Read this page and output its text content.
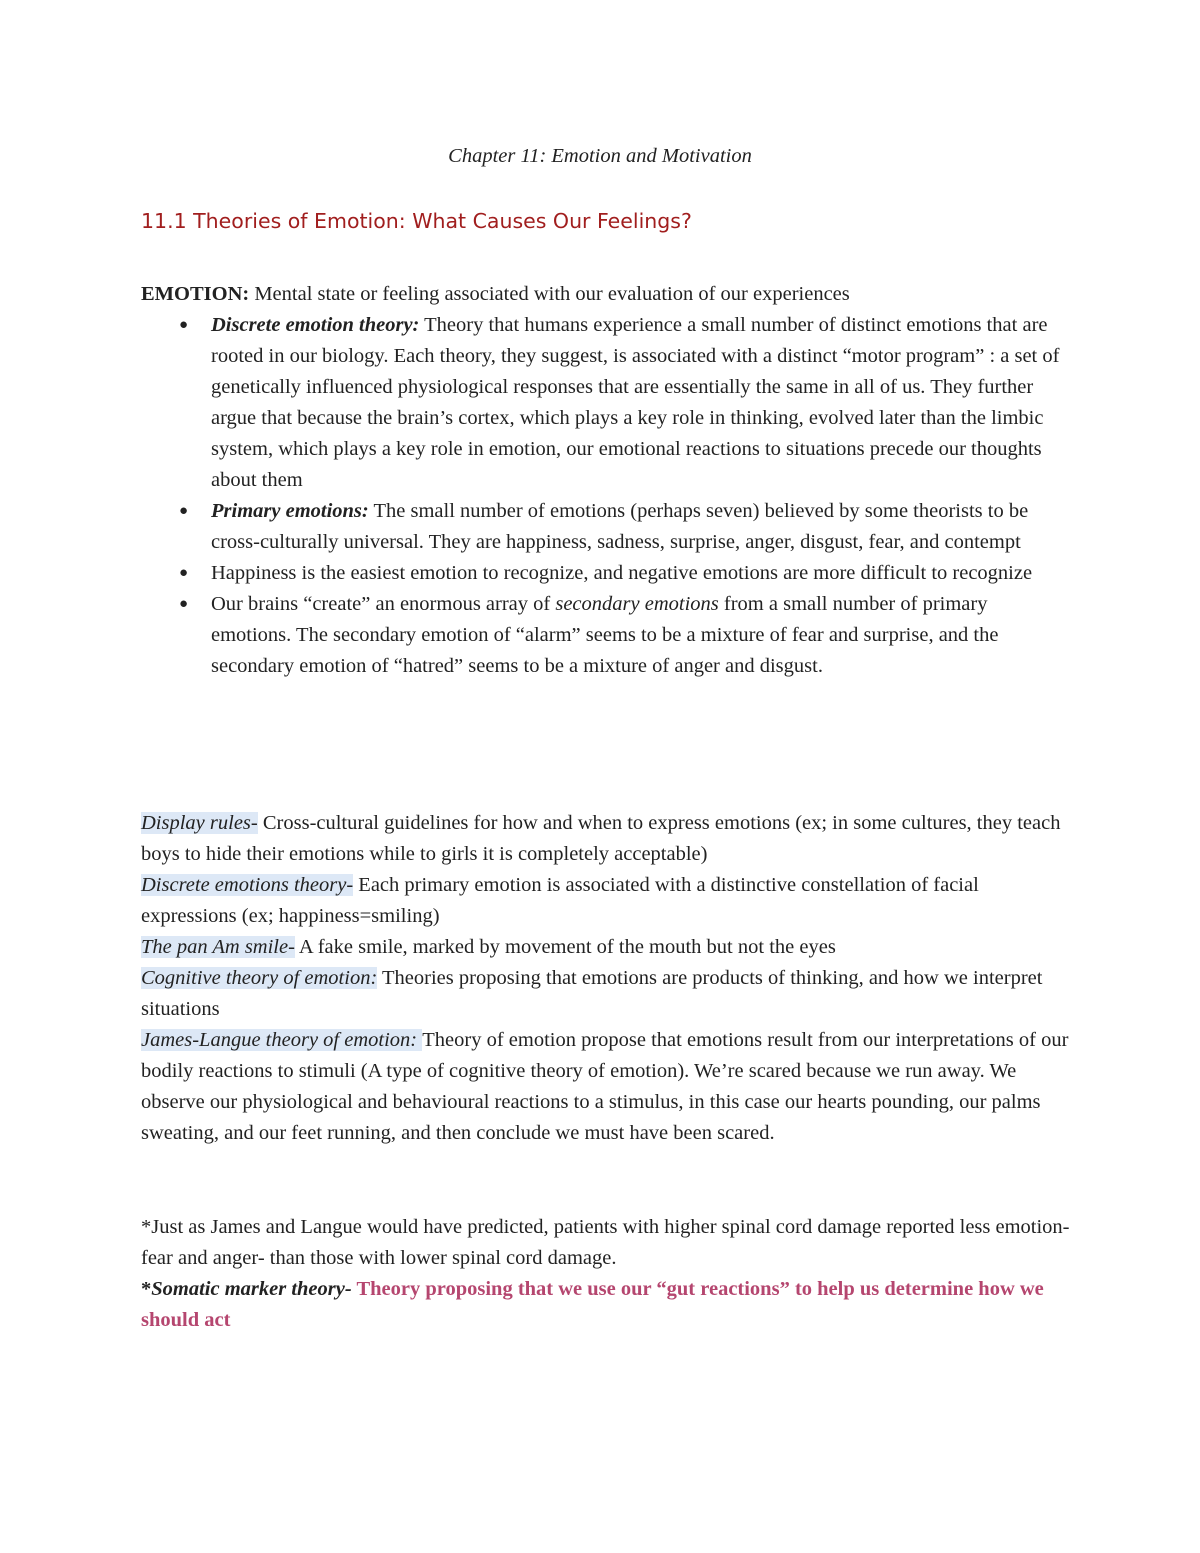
Chapter 11: Emotion and Motivation
11.1 Theories of Emotion: What Causes Our Feelings?
EMOTION: Mental state or feeling associated with our evaluation of our experiences
● Discrete emotion theory: Theory that humans experience a small number of distinct emotions that are rooted in our biology. Each theory, they suggest, is associated with a distinct “motor program” : a set of genetically influenced physiological responses that are essentially the same in all of us. They further argue that because the brain’s cortex, which plays a key role in thinking, evolved later than the limbic system, which plays a key role in emotion, our emotional reactions to situations precede our thoughts about them
● Primary emotions: The small number of emotions (perhaps seven) believed by some theorists to be cross-culturally universal. They are happiness, sadness, surprise, anger, disgust, fear, and contempt
● Happiness is the easiest emotion to recognize, and negative emotions are more difficult to recognize
● Our brains “create” an enormous array of secondary emotions from a small number of primary emotions. The secondary emotion of “alarm” seems to be a mixture of fear and surprise, and the secondary emotion of “hatred” seems to be a mixture of anger and disgust.
Display rules- Cross-cultural guidelines for how and when to express emotions (ex; in some cultures, they teach boys to hide their emotions while to girls it is completely acceptable)
Discrete emotions theory- Each primary emotion is associated with a distinctive constellation of facial expressions (ex; happiness=smiling)
The pan Am smile- A fake smile, marked by movement of the mouth but not the eyes
Cognitive theory of emotion: Theories proposing that emotions are products of thinking, and how we interpret situations
James-Langue theory of emotion: Theory of emotion propose that emotions result from our interpretations of our bodily reactions to stimuli (A type of cognitive theory of emotion). We’re scared because we run away. We observe our physiological and behavioural reactions to a stimulus, in this case our hearts pounding, our palms sweating, and our feet running, and then conclude we must have been scared.
*Just as James and Langue would have predicted, patients with higher spinal cord damage reported less emotion- fear and anger- than those with lower spinal cord damage.
*Somatic marker theory- Theory proposing that we use our “gut reactions” to help us determine how we should act
